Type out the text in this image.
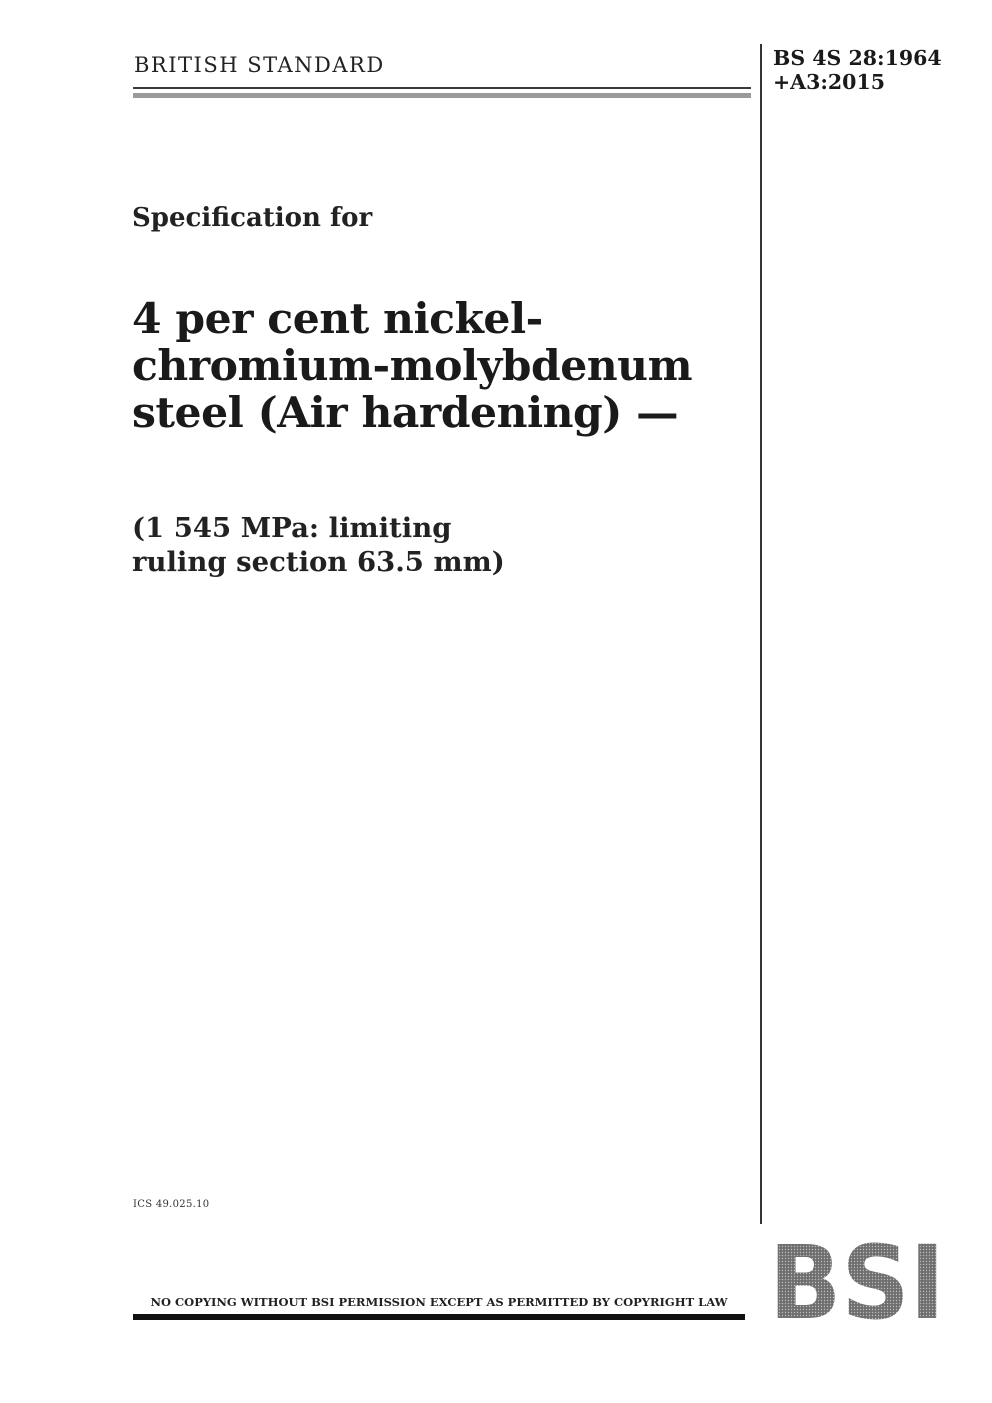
BRITISH STANDARD	BS 4S 28:1964
+A3:2015
Specification for
4 per cent nickel-
chromium-molybdenum
steel (Air hardening) —
(1 545 MPa: limiting
ruling section 63.5 mm)
ICS 49.025.10
NO COPYING WITHOUT BSI PERMISSION EXCEPT AS PERMITTED BY COPYRIGHT LAW BSI
